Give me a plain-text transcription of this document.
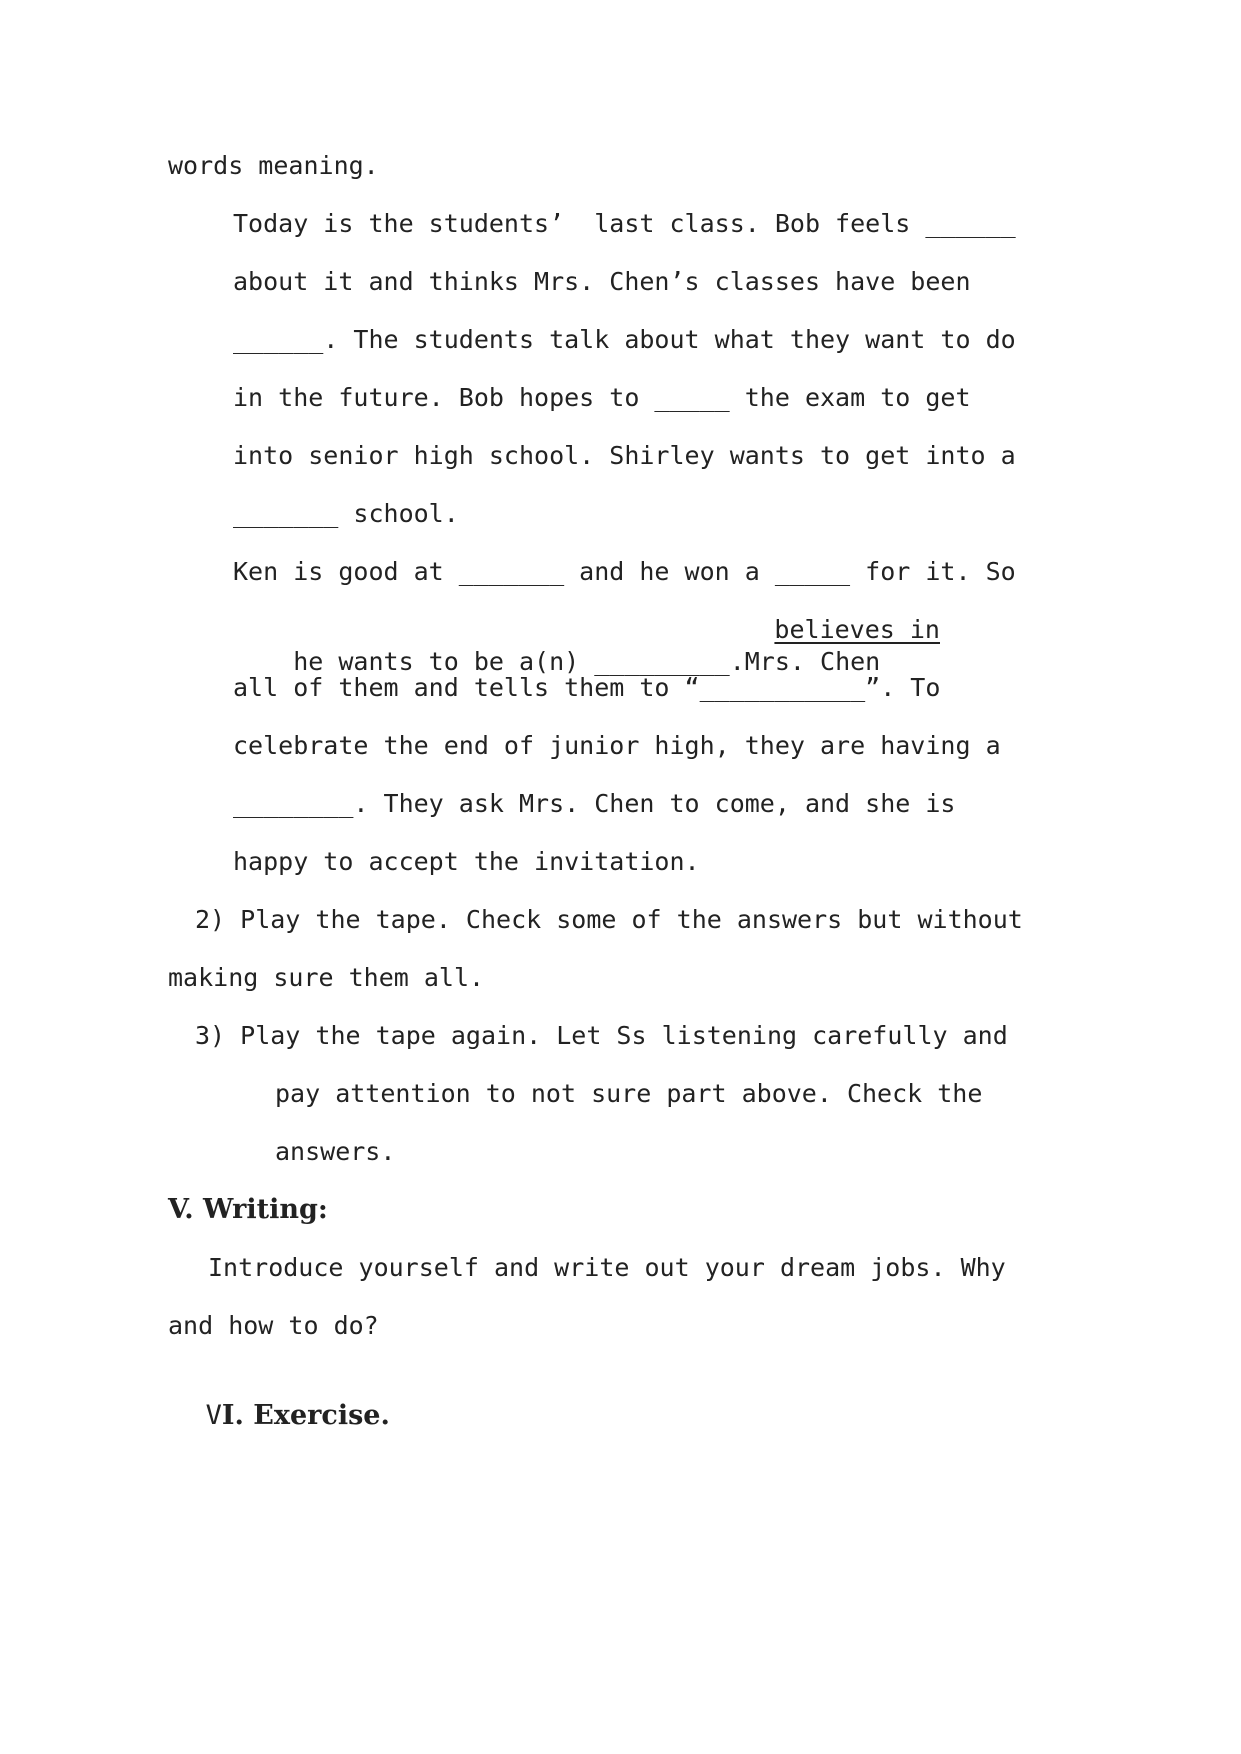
words meaning.
Today is the students’  last class. Bob feels ______
about it and thinks Mrs. Chen’s classes have been
______. The students talk about what they want to do
in the future. Bob hopes to _____ the exam to get
into senior high school. Shirley wants to get into a
_______ school.
Ken is good at _______ and he won a _____ for it. So

he wants to be a(n) _________.Mrs. Chen
believes in

all of them and tells them to “___________”. To
celebrate the end of junior high, they are having a
________. They ask Mrs. Chen to come, and she is
happy to accept the invitation.
2) Play the tape. Check some of the answers but without
making sure them all.
3) Play the tape again. Let Ss listening carefully and
pay attention to not sure part above. Check the
answers.
V. Writing:
Introduce yourself and write out your dream jobs. Why
and how to do?

VI. Exercise.
